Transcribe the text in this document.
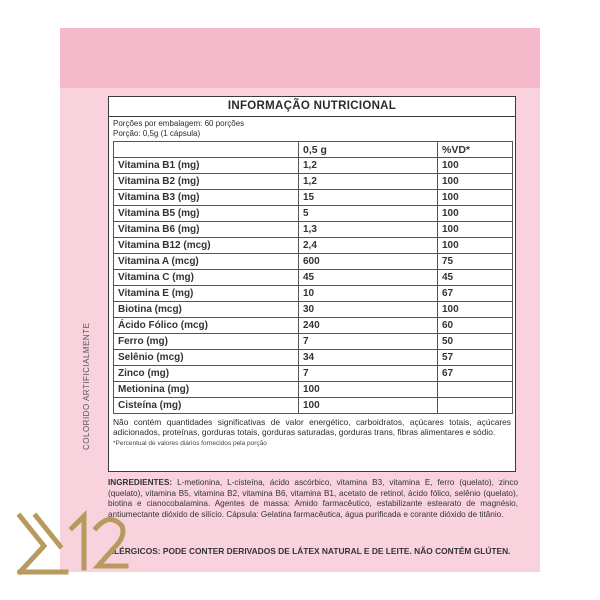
COLORIDO ARTIFICIALMENTE
INFORMAÇÃO NUTRICIONAL
Porções por embalagem: 60 porções
Porção: 0,5g (1 cápsula)
	0,5 g	%VD*
Vitamina B1 (mg)	1,2	100
Vitamina B2 (mg)	1,2	100
Vitamina B3 (mg)	15	100
Vitamina B5 (mg)	5	100
Vitamina B6 (mg)	1,3	100
Vitamina B12 (mcg)	2,4	100
Vitamina A (mcg)	600	75
Vitamina C (mg)	45	45
Vitamina E (mg)	10	67
Biotina (mcg)	30	100
Ácido Fólico (mcg)	240	60
Ferro (mg)	7	50
Selênio (mcg)	34	57
Zinco (mg)	7	67
Metionina (mg)	100	
Cisteína (mg)	100	
Não contém quantidades significativas de valor energético, carboidratos, açúcares totais, açúcares adicionados, proteínas, gorduras totais, gorduras saturadas, gorduras trans, fibras alimentares e sódio.
*Percentual de valores diários fornecidos pela porção
INGREDIENTES: L-metionina, L-cisteína, ácido ascórbico, vitamina B3, vitamina E, ferro (quelato), zinco (quelato), vitamina B5, vitamina B2, vitamina B6, vitamina B1, acetato de retinol, ácido fólico, selênio (quelato), biotina e cianocobalamina. Agentes de massa: Amido farmacêutico, estabilizante estearato de magnésio, antiumectante dióxido de silício. Cápsula: Gelatina farmacêutica, água purificada e corante dióxido de titânio.
ALÉRGICOS: PODE CONTER DERIVADOS DE LÁTEX NATURAL E DE LEITE. NÃO CONTÉM GLÚTEN.
